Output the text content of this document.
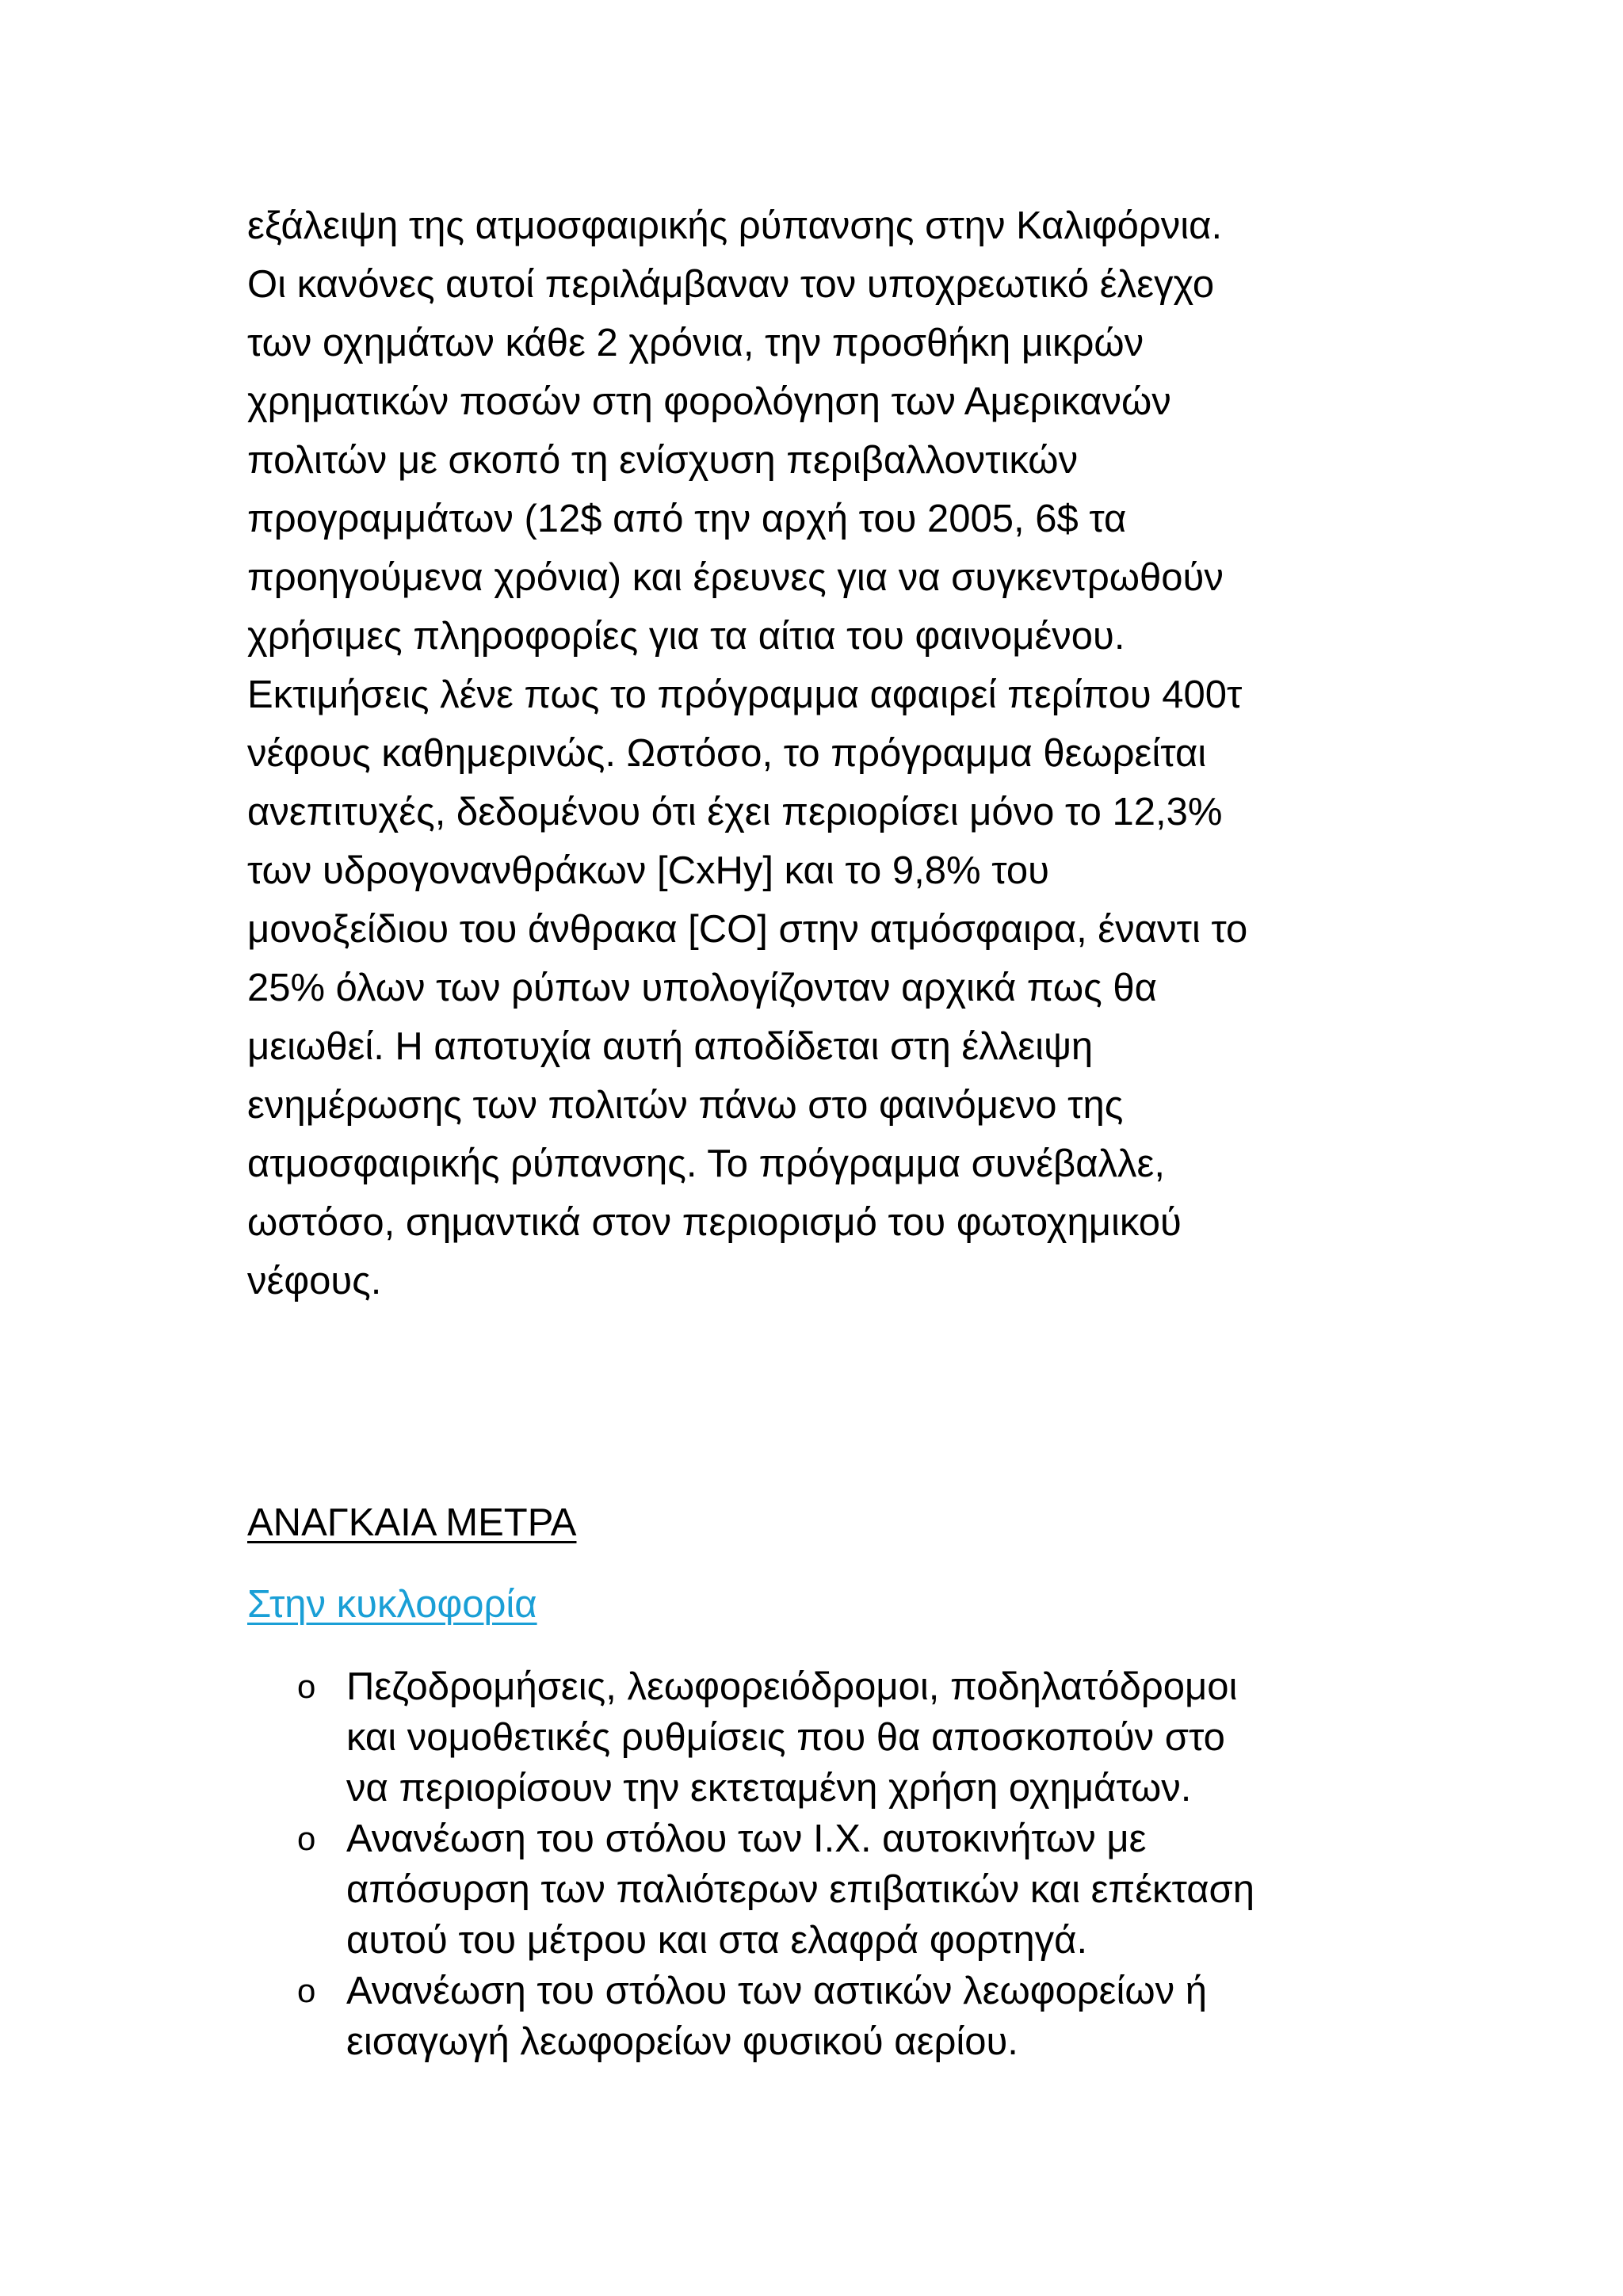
εξάλειψη της ατμοσφαιρικής ρύπανσης στην Καλιφόρνια.
Οι κανόνες αυτοί περιλάμβαναν τον υποχρεωτικό έλεγχο
των οχημάτων κάθε 2 χρόνια, την προσθήκη μικρών
χρηματικών ποσών στη φορολόγηση των Αμερικανών
πολιτών με σκοπό τη ενίσχυση περιβαλλοντικών
προγραμμάτων (12$ από την αρχή του 2005, 6$ τα
προηγούμενα χρόνια) και έρευνες για να συγκεντρωθούν
χρήσιμες πληροφορίες για τα αίτια του φαινομένου.
Εκτιμήσεις λένε πως το πρόγραμμα αφαιρεί περίπου 400τ
νέφους καθημερινώς. Ωστόσο, το πρόγραμμα θεωρείται
ανεπιτυχές, δεδομένου ότι έχει περιορίσει μόνο το 12,3%
των υδρογονανθράκων [CxHy] και το 9,8% του
μονοξείδιου του άνθρακα [CO] στην ατμόσφαιρα, έναντι το
25% όλων των ρύπων υπολογίζονταν αρχικά πως θα
μειωθεί. Η αποτυχία αυτή αποδίδεται στη έλλειψη
ενημέρωσης των πολιτών πάνω στο φαινόμενο της
ατμοσφαιρικής ρύπανσης. Το πρόγραμμα συνέβαλλε,
ωστόσο, σημαντικά στον περιορισμό του φωτοχημικού
νέφους.

ΑΝΑΓΚΑΙΑ ΜΕΤΡΑ
Στην κυκλοφορία
o Πεζοδρομήσεις, λεωφορειόδρομοι, ποδηλατόδρομοι
και νομοθετικές ρυθμίσεις που θα αποσκοπούν στο
να περιορίσουν την εκτεταμένη χρήση οχημάτων.
o Ανανέωση του στόλου των Ι.Χ. αυτοκινήτων με
απόσυρση των παλιότερων επιβατικών και επέκταση
αυτού του μέτρου και στα ελαφρά φορτηγά.
o Ανανέωση του στόλου των αστικών λεωφορείων ή
εισαγωγή λεωφορείων φυσικού αερίου.
